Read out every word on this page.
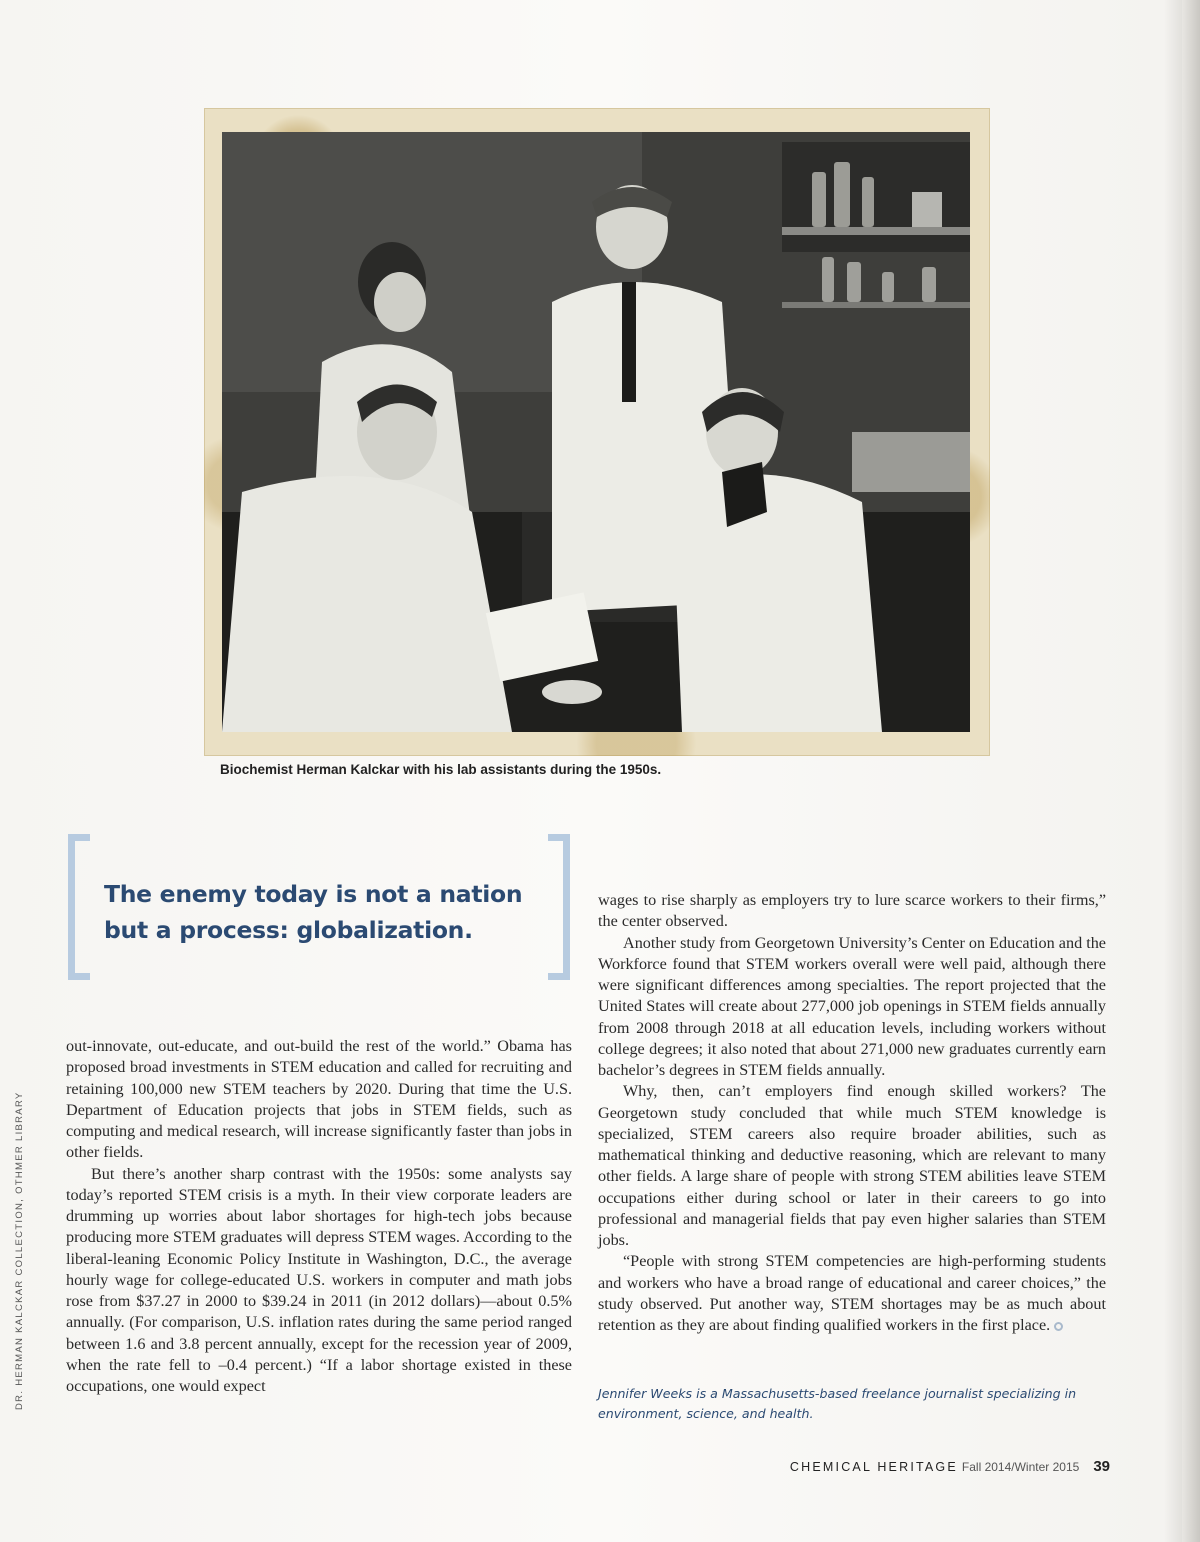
Biochemist Herman Kalckar with his lab assistants during the 1950s.
The enemy today is not a nation but a process: globalization.

out-innovate, out-educate, and out-build the rest of the world.” Obama has proposed broad investments in STEM education and called for recruiting and retaining 100,000 new STEM teachers by 2020. During that time the U.S. Department of Education projects that jobs in STEM fields, such as computing and medical research, will increase significantly faster than jobs in other fields.

But there’s another sharp contrast with the 1950s: some analysts say today’s reported STEM crisis is a myth. In their view corporate leaders are drumming up worries about labor shortages for high-tech jobs because producing more STEM graduates will depress STEM wages. According to the liberal-leaning Economic Policy Institute in Washington, D.C., the average hourly wage for college-educated U.S. workers in computer and math jobs rose from $37.27 in 2000 to $39.24 in 2011 (in 2012 dollars)—about 0.5% annually. (For comparison, U.S. inflation rates during the same period ranged between 1.6 and 3.8 percent annually, except for the recession year of 2009, when the rate fell to –0.4 percent.) “If a labor shortage existed in these occupations, one would expect

wages to rise sharply as employers try to lure scarce workers to their firms,” the center observed.

Another study from Georgetown University’s Center on Education and the Workforce found that STEM workers overall were well paid, although there were significant differences among specialties. The report projected that the United States will create about 277,000 job openings in STEM fields annually from 2008 through 2018 at all education levels, including workers without college degrees; it also noted that about 271,000 new graduates currently earn bachelor’s degrees in STEM fields annually.

Why, then, can’t employers find enough skilled workers? The Georgetown study concluded that while much STEM knowledge is specialized, STEM careers also require broader abilities, such as mathematical thinking and deductive reasoning, which are relevant to many other fields. A large share of people with strong STEM abilities leave STEM occupations either during school or later in their careers to go into professional and managerial fields that pay even higher salaries than STEM jobs.

“People with strong STEM competencies are high-performing students and workers who have a broad range of educational and career choices,” the study observed. Put another way, STEM shortages may be as much about retention as they are about finding qualified workers in the first place.

Jennifer Weeks is a Massachusetts-based freelance journalist specializing in environment, science, and health.
DR. HERMAN KALCKAR COLLECTION, OTHMER LIBRARY
CHEMICAL HERITAGE Fall 2014/Winter 2015 39
